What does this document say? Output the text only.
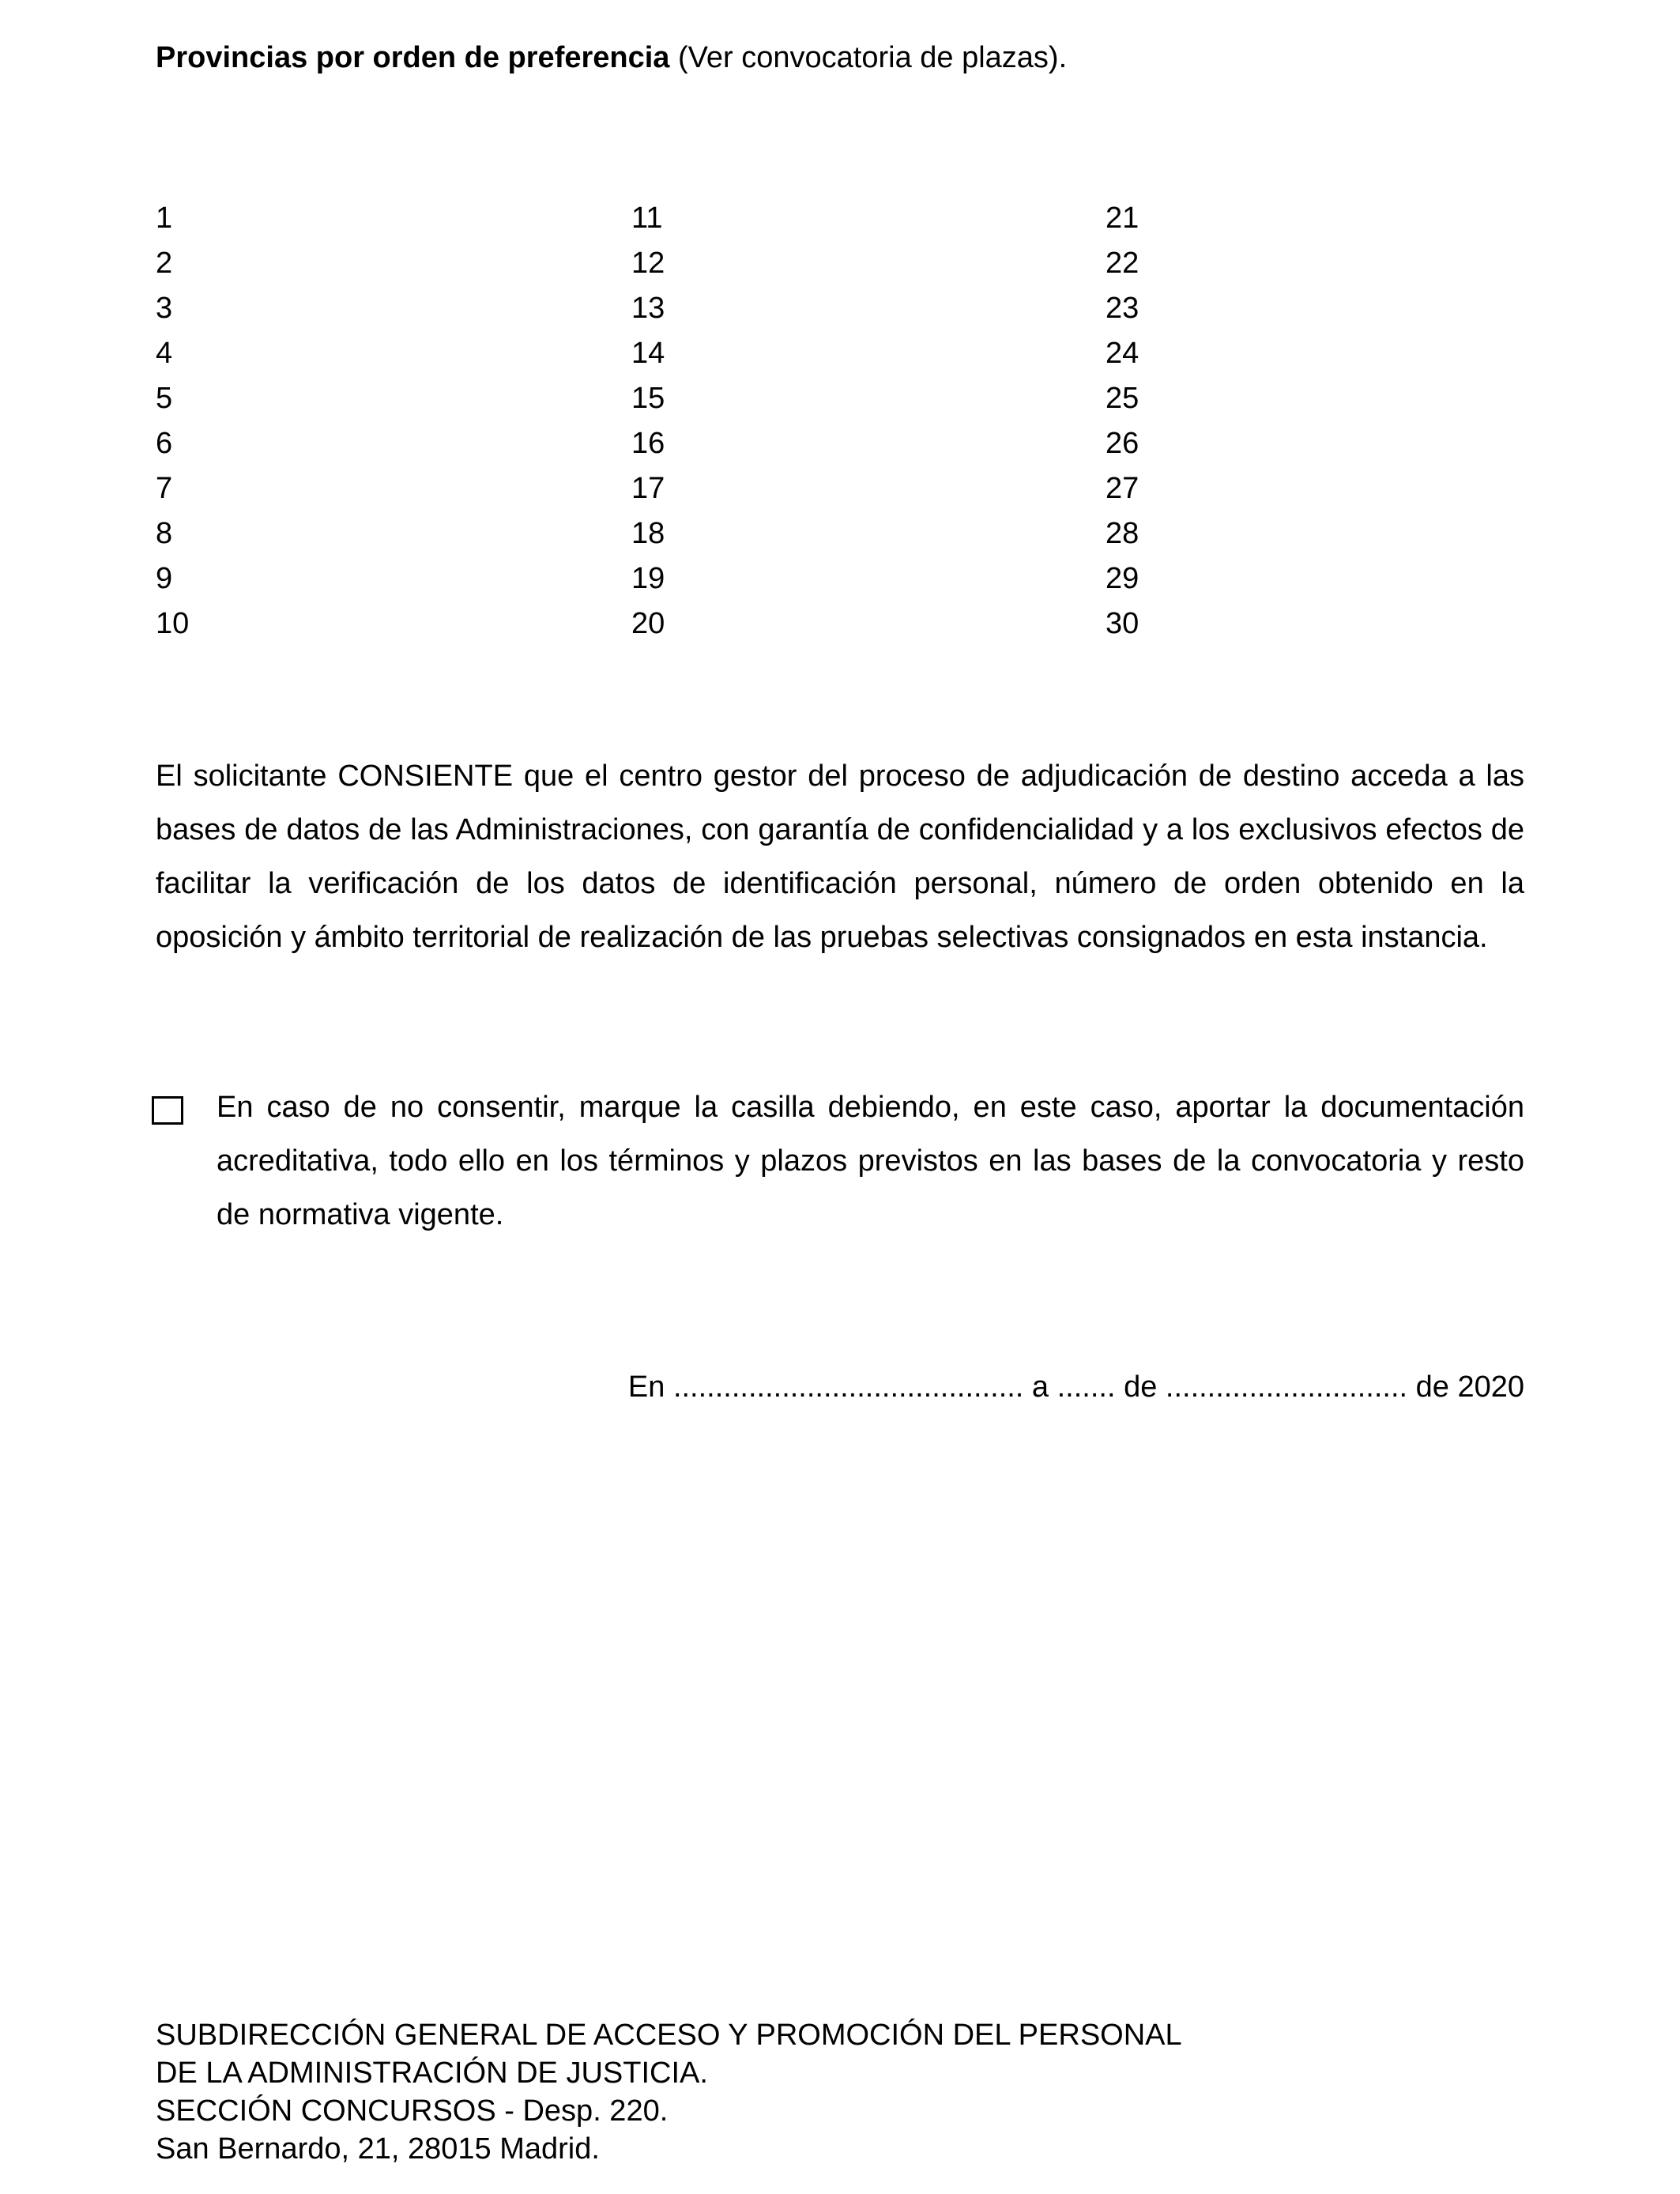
Provincias por orden de preferencia (Ver convocatoria de plazas).
1
2
3
4
5
6
7
8
9
10
11
12
13
14
15
16
17
18
19
20
21
22
23
24
25
26
27
28
29
30
El solicitante CONSIENTE que el centro gestor del proceso de adjudicación de destino acceda a las bases de datos de las Administraciones, con garantía de confidencialidad y a los exclusivos efectos de facilitar la verificación de los datos de identificación personal, número de orden obtenido en la oposición y ámbito territorial de realización de las pruebas selectivas consignados en esta instancia.
En caso de no consentir, marque la casilla debiendo, en este caso, aportar la documentación acreditativa, todo ello en los términos y plazos previstos en las bases de la convocatoria y resto de normativa vigente.
En .......................................... a ....... de ............................. de 2020
SUBDIRECCIÓN GENERAL DE ACCESO Y PROMOCIÓN DEL PERSONAL
DE LA ADMINISTRACIÓN DE JUSTICIA.
SECCIÓN CONCURSOS - Desp. 220.
San Bernardo, 21, 28015 Madrid.
